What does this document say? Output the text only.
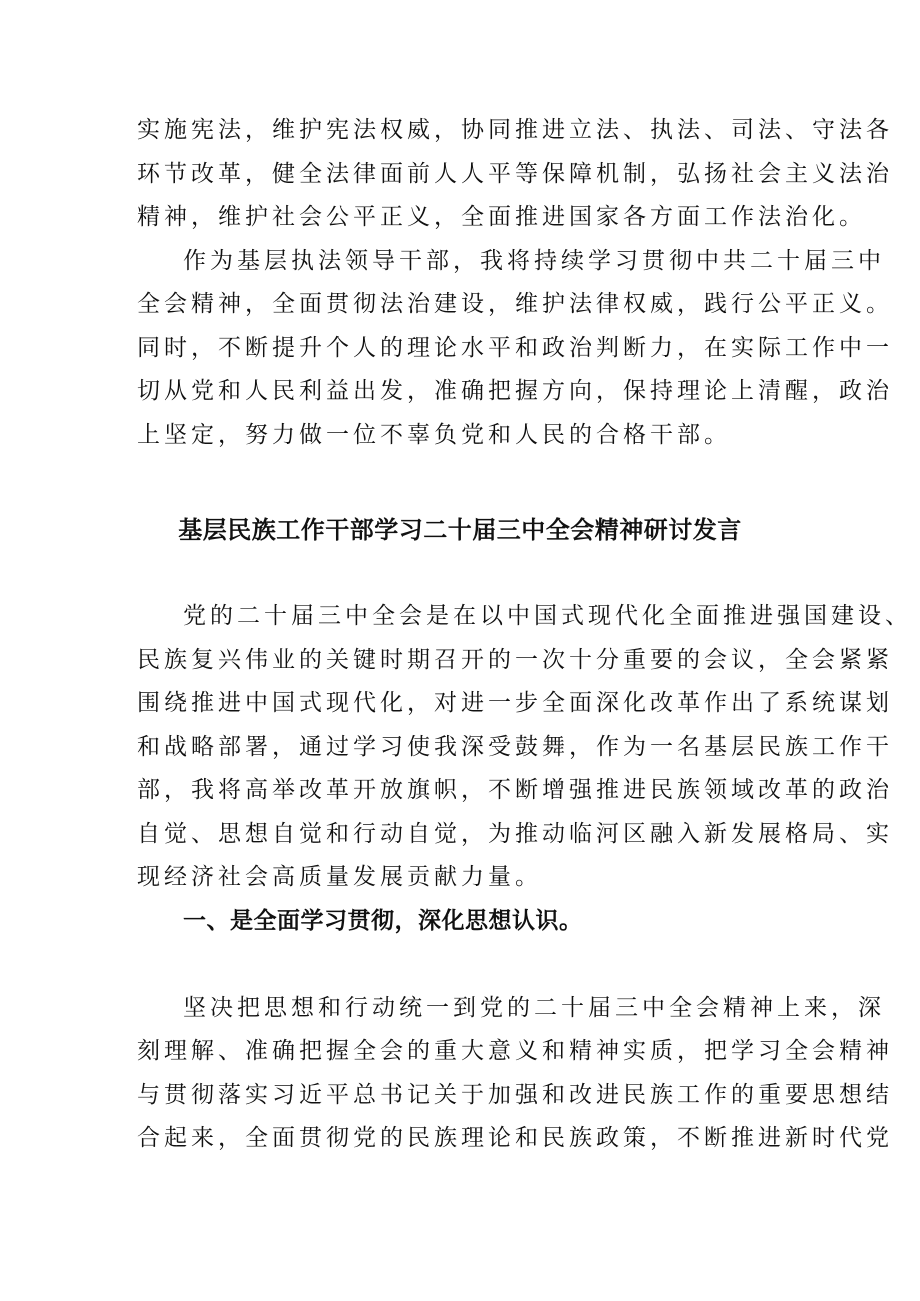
实施宪法，维护宪法权威，协同推进立法、执法、司法、守法各

环节改革，健全法律面前人人平等保障机制，弘扬社会主义法治

精神，维护社会公平正义，全面推进国家各方面工作法治化。

作为基层执法领导干部，我将持续学习贯彻中共二十届三中

全会精神，全面贯彻法治建设，维护法律权威，践行公平正义。

同时，不断提升个人的理论水平和政治判断力，在实际工作中一

切从党和人民利益出发，准确把握方向，保持理论上清醒，政治

上坚定，努力做一位不辜负党和人民的合格干部。

基层民族工作干部学习二十届三中全会精神研讨发言

党的二十届三中全会是在以中国式现代化全面推进强国建设、

民族复兴伟业的关键时期召开的一次十分重要的会议，全会紧紧

围绕推进中国式现代化，对进一步全面深化改革作出了系统谋划

和战略部署，通过学习使我深受鼓舞，作为一名基层民族工作干

部，我将高举改革开放旗帜，不断增强推进民族领域改革的政治

自觉、思想自觉和行动自觉，为推动临河区融入新发展格局、实

现经济社会高质量发展贡献力量。

一、是全面学习贯彻，深化思想认识。

坚决把思想和行动统一到党的二十届三中全会精神上来，深

刻理解、准确把握全会的重大意义和精神实质，把学习全会精神

与贯彻落实习近平总书记关于加强和改进民族工作的重要思想结

合起来，全面贯彻党的民族理论和民族政策，不断推进新时代党
